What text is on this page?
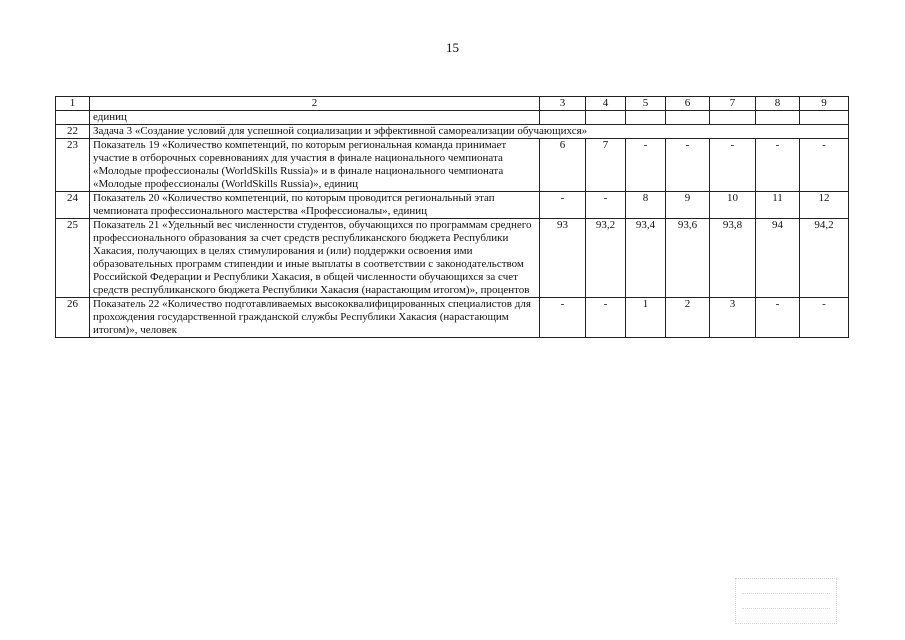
15
1	2	3	4	5	6	7	8	9
	единиц							
22	Задача 3 «Создание условий для успешной социализации и эффективной самореализации обучающихся»							
23	Показатель 19 «Количество компетенций, по которым региональная команда принимает участие в отборочных соревнованиях для участия в финале национального чемпионата «Молодые профессионалы (WorldSkills Russia)» и в финале национального чемпионата «Молодые профессионалы (WorldSkills Russia)», единиц	6	7	-	-	-	-	-
24	Показатель 20 «Количество компетенций, по которым проводится региональный этап чемпионата профессионального мастерства «Профессионалы», единиц	-	-	8	9	10	11	12
25	Показатель 21 «Удельный вес численности студентов, обучающихся по программам среднего профессионального образования за счет средств республиканского бюджета Республики Хакасия, получающих в целях стимулирования и (или) поддержки освоения ими образовательных программ стипендии и иные выплаты в соответствии с законодательством Российской Федерации и Республики Хакасия, в общей численности обучающихся за счет средств республиканского бюджета Республики Хакасия (нарастающим итогом)», процентов	93	93,2	93,4	93,6	93,8	94	94,2
26	Показатель 22 «Количество подготавливаемых высококвалифицированных специалистов для прохождения государственной гражданской службы Республики Хакасия (нарастающим итогом)», человек	-	-	1	2	3	-	-
